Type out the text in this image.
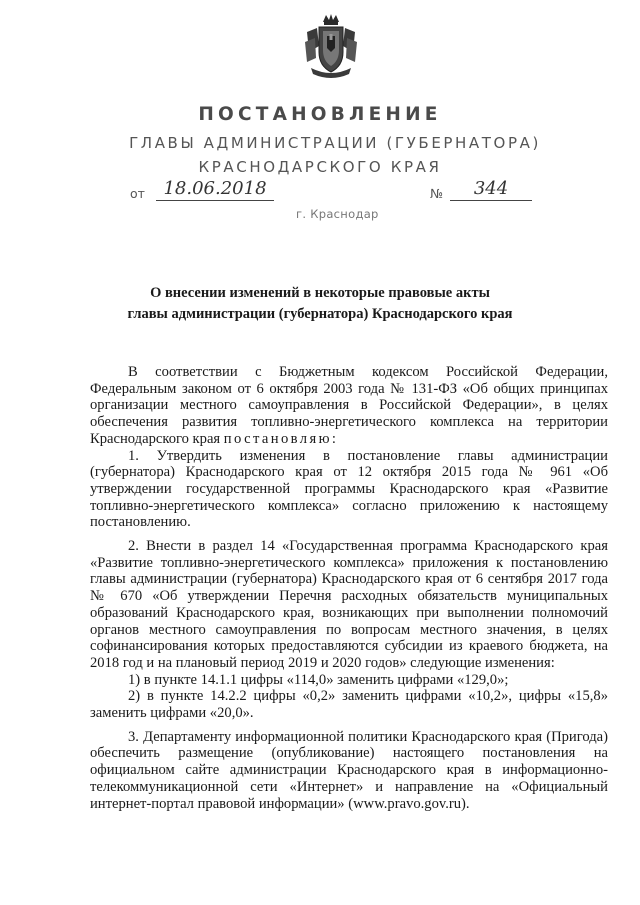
ПОСТАНОВЛЕНИЕ
ГЛАВЫ АДМИНИСТРАЦИИ (ГУБЕРНАТОРА)
КРАСНОДАРСКОГО КРАЯ
от	18.06.2018	№	344
г. Краснодар
О внесении изменений в некоторые правовые акты
главы администрации (губернатора) Краснодарского края

В соответствии с Бюджетным кодексом Российской Федерации, Федеральным законом от 6 октября 2003 года № 131-ФЗ «Об общих принципах организации местного самоуправления в Российской Федерации», в целях обеспечения развития топливно-энергетического комплекса на территории Краснодарского края постановляю:

1. Утвердить изменения в постановление главы администрации (губернатора) Краснодарского края от 12 октября 2015 года № 961 «Об утверждении государственной программы Краснодарского края «Развитие топливно-энергетического комплекса» согласно приложению к настоящему постановлению.

2. Внести в раздел 14 «Государственная программа Краснодарского края «Развитие топливно-энергетического комплекса» приложения к постановлению главы администрации (губернатора) Краснодарского края от 6 сентября 2017 года № 670 «Об утверждении Перечня расходных обязательств муниципальных образований Краснодарского края, возникающих при выполнении полномочий органов местного самоуправления по вопросам местного значения, в целях софинансирования которых предоставляются субсидии из краевого бюджета, на 2018 год и на плановый период 2019 и 2020 годов» следующие изменения:

1) в пункте 14.1.1 цифры «114,0» заменить цифрами «129,0»;

2) в пункте 14.2.2 цифры «0,2» заменить цифрами «10,2», цифры «15,8» заменить цифрами «20,0».

3. Департаменту информационной политики Краснодарского края (Пригода) обеспечить размещение (опубликование) настоящего постановления на официальном сайте администрации Краснодарского края в информационно-телекоммуникационной сети «Интернет» и направление на «Официальный интернет-портал правовой информации» (www.pravo.gov.ru).
